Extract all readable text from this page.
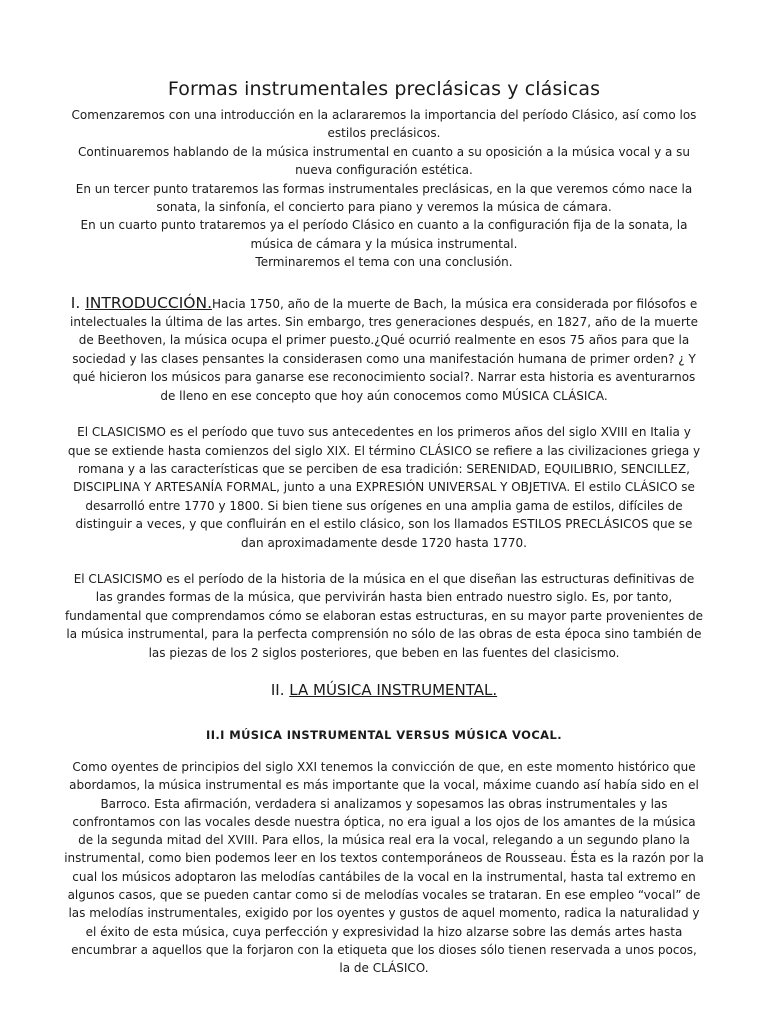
Formas instrumentales preclásicas y clásicas

Comenzaremos con una introducción en la aclararemos la importancia del período Clásico, así como los estilos preclásicos.

Continuaremos hablando de la música instrumental en cuanto a su oposición a la música vocal y a su nueva configuración estética.

En un tercer punto trataremos las formas instrumentales preclásicas, en la que veremos cómo nace la sonata, la sinfonía, el concierto para piano y veremos la música de cámara.

En un cuarto punto trataremos ya el período Clásico en cuanto a la configuración fija de la sonata, la música de cámara y la música instrumental.

Terminaremos el tema con una conclusión.

I. INTRODUCCIÓN.Hacia 1750, año de la muerte de Bach, la música era considerada por filósofos e intelectuales la última de las artes. Sin embargo, tres generaciones después, en 1827, año de la muerte de Beethoven, la música ocupa el primer puesto.¿Qué ocurrió realmente en esos 75 años para que la sociedad y las clases pensantes la considerasen como una manifestación humana de primer orden? ¿ Y qué hicieron los músicos para ganarse ese reconocimiento social?. Narrar esta historia es aventurarnos de lleno en ese concepto que hoy aún conocemos como MÚSICA CLÁSICA.

El CLASICISMO es el período que tuvo sus antecedentes en los primeros años del siglo XVIII en Italia y que se extiende hasta comienzos del siglo XIX. El término CLÁSICO se refiere a las civilizaciones griega y romana y a las características que se perciben de esa tradición: SERENIDAD, EQUILIBRIO, SENCILLEZ, DISCIPLINA Y ARTESANÍA FORMAL, junto a una EXPRESIÓN UNIVERSAL Y OBJETIVA. El estilo CLÁSICO se desarrolló entre 1770 y 1800. Si bien tiene sus orígenes en una amplia gama de estilos, difíciles de distinguir a veces, y que confluirán en el estilo clásico, son los llamados ESTILOS PRECLÁSICOS que se dan aproximadamente desde 1720 hasta 1770.

El CLASICISMO es el período de la historia de la música en el que diseñan las estructuras definitivas de las grandes formas de la música, que pervivirán hasta bien entrado nuestro siglo. Es, por tanto, fundamental que comprendamos cómo se elaboran estas estructuras, en su mayor parte provenientes de la música instrumental, para la perfecta comprensión no sólo de las obras de esta época sino también de las piezas de los 2 siglos posteriores, que beben en las fuentes del clasicismo.

II. LA MÚSICA INSTRUMENTAL.
II.I MÚSICA INSTRUMENTAL VERSUS MÚSICA VOCAL.

Como oyentes de principios del siglo XXI tenemos la convicción de que, en este momento histórico que abordamos, la música instrumental es más importante que la vocal, máxime cuando así había sido en el Barroco. Esta afirmación, verdadera si analizamos y sopesamos las obras instrumentales y las confrontamos con las vocales desde nuestra óptica, no era igual a los ojos de los amantes de la música de la segunda mitad del XVIII. Para ellos, la música real era la vocal, relegando a un segundo plano la instrumental, como bien podemos leer en los textos contemporáneos de Rousseau. Ésta es la razón por la cual los músicos adoptaron las melodías cantábiles de la vocal en la instrumental, hasta tal extremo en algunos casos, que se pueden cantar como si de melodías vocales se trataran. En ese empleo “vocal” de las melodías instrumentales, exigido por los oyentes y gustos de aquel momento, radica la naturalidad y el éxito de esta música, cuya perfección y expresividad la hizo alzarse sobre las demás artes hasta encumbrar a aquellos que la forjaron con la etiqueta que los dioses sólo tienen reservada a unos pocos, la de CLÁSICO.
